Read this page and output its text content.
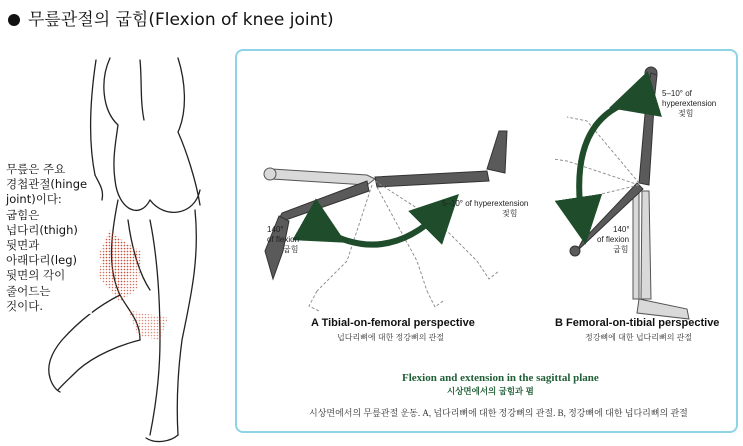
무릎관절의 굽힘(Flexion of knee joint)
무릎은 주요
경첩관절(hinge
joint)이다:
굽힘은
넙다리(thigh)
뒷면과
아래다리(leg)
뒷면의 각이
줄어드는
것이다.
140°
of flexion
굽힘
5–10° of hyperextension
젖힘
A Tibial-on-femoral perspective
넙다리뼈에 대한 정강뼈의 관절
5–10° of
hyperextension
젖힘
140°
of flexion
굽힘
B Femoral-on-tibial perspective
정강뼈에 대한 넙다리뼈의 관절
Flexion and extension in the sagittal plane
시상면에서의 굽힘과 폄
시상면에서의 무릎관절 운동. A, 넙다리뼈에 대한 정강뼈의 관절. B, 정강뼈에 대한 넙다리뼈의 관절
